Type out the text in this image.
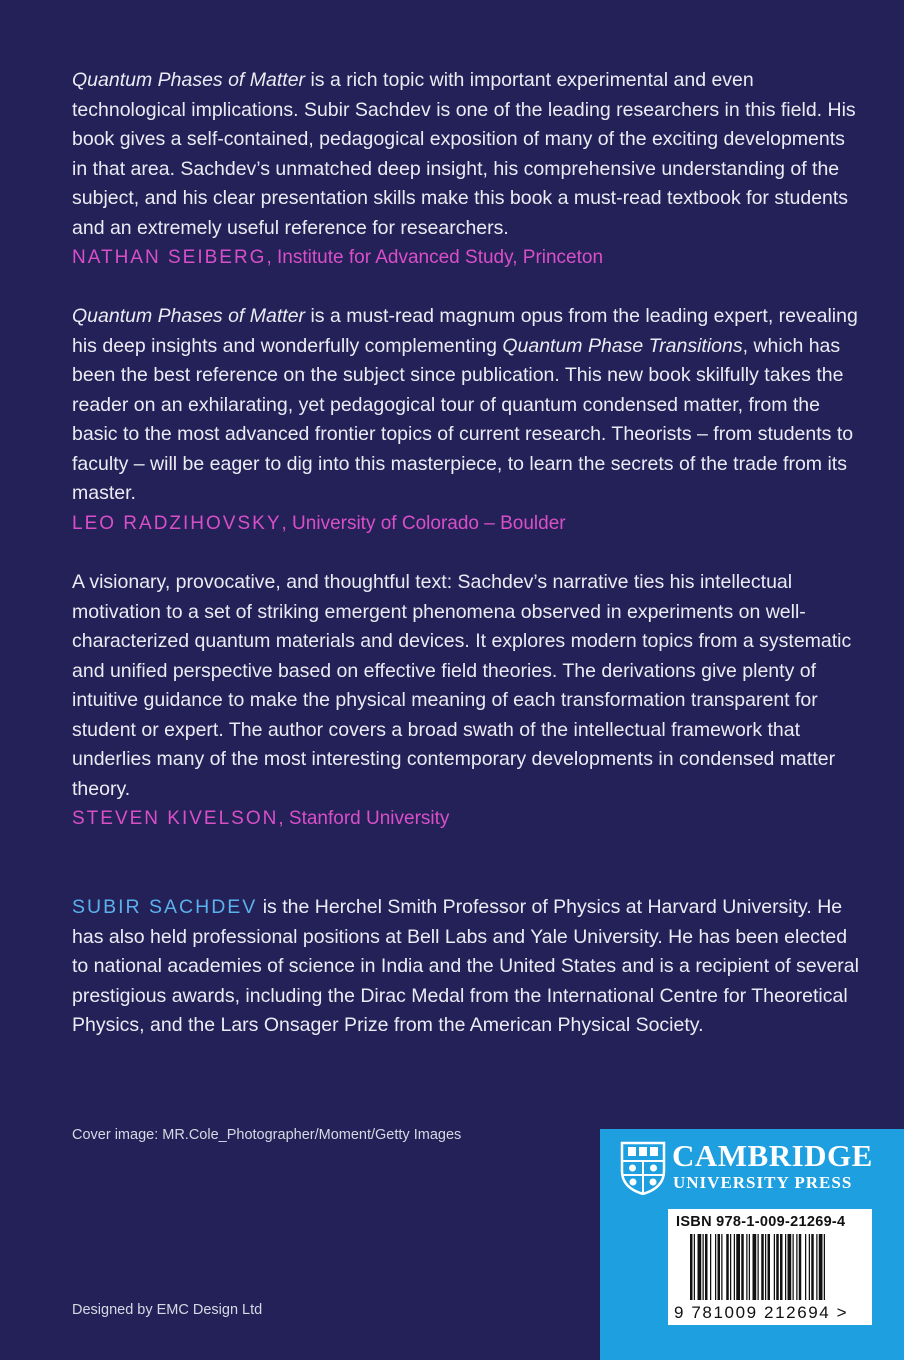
Quantum Phases of Matter is a rich topic with important experimental and even technological implications. Subir Sachdev is one of the leading researchers in this field. His book gives a self-contained, pedagogical exposition of many of the exciting developments in that area. Sachdev’s unmatched deep insight, his comprehensive understanding of the subject, and his clear presentation skills make this book a must-read textbook for students and an extremely useful reference for researchers.

NATHAN SEIBERG, Institute for Advanced Study, Princeton

Quantum Phases of Matter is a must-read magnum opus from the leading expert, revealing his deep insights and wonderfully complementing Quantum Phase Transitions, which has been the best reference on the subject since publication. This new book skilfully takes the reader on an exhilarating, yet pedagogical tour of quantum condensed matter, from the basic to the most advanced frontier topics of current research. Theorists – from students to faculty – will be eager to dig into this masterpiece, to learn the secrets of the trade from its master.

LEO RADZIHOVSKY, University of Colorado – Boulder

A visionary, provocative, and thoughtful text: Sachdev’s narrative ties his intellectual motivation to a set of striking emergent phenomena observed in experiments on well-characterized quantum materials and devices. It explores modern topics from a systematic and unified perspective based on effective field theories. The derivations give plenty of intuitive guidance to make the physical meaning of each transformation transparent for student or expert. The author covers a broad swath of the intellectual framework that underlies many of the most interesting contemporary developments in condensed matter theory.

STEVEN KIVELSON, Stanford University

SUBIR SACHDEV is the Herchel Smith Professor of Physics at Harvard University. He has also held professional positions at Bell Labs and Yale University. He has been elected to national academies of science in India and the United States and is a recipient of several prestigious awards, including the Dirac Medal from the International Centre for Theoretical Physics, and the Lars Onsager Prize from the American Physical Society.

Cover image: MR.Cole_Photographer/Moment/Getty Images

Designed by EMC Design Ltd

CAMBRIDGE

UNIVERSITY PRESS

ISBN 978-1-009-21269-4

9 781009 212694 >
